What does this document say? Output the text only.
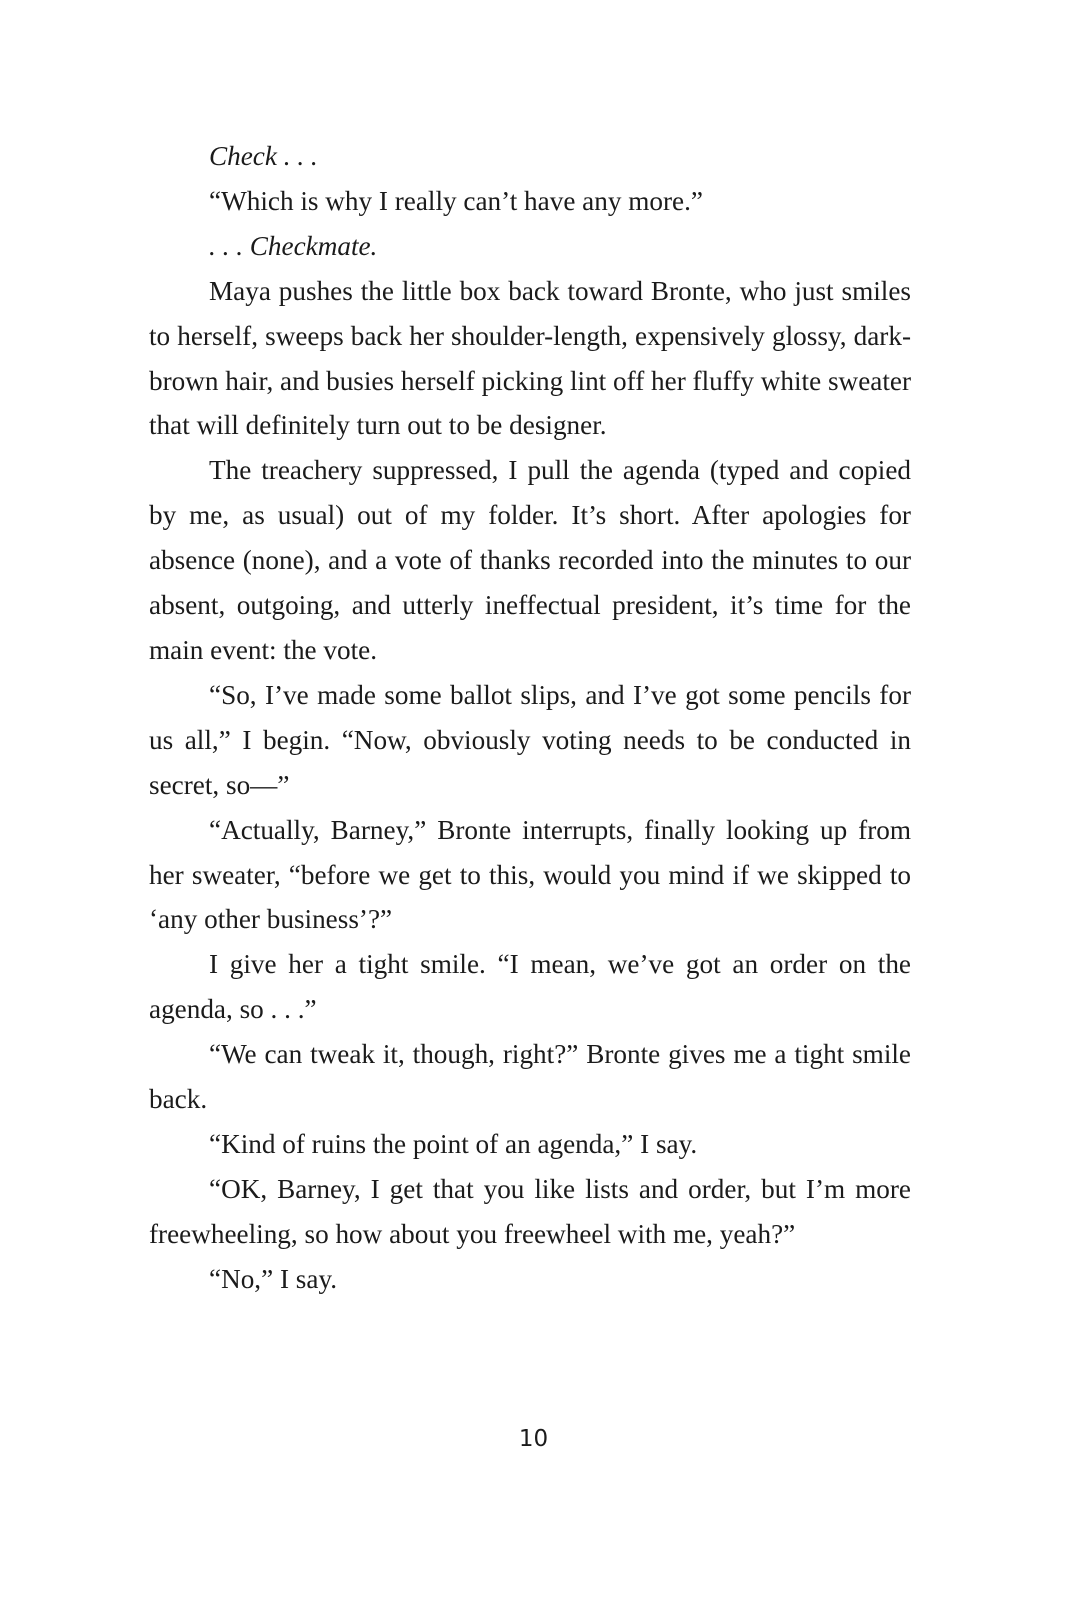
Check . . .

“Which is why I really can’t have any more.”

. . . Checkmate.

Maya pushes the little box back toward Bronte, who just smiles to herself, sweeps back her shoulder-length, expensively glossy, dark-brown hair, and busies herself picking lint off her fluffy white sweater that will definitely turn out to be designer.

The treachery suppressed, I pull the agenda (typed and copied by me, as usual) out of my folder. It’s short. After apologies for absence (none), and a vote of thanks recorded into the minutes to our absent, outgoing, and utterly ineffectual president, it’s time for the main event: the vote.

“So, I’ve made some ballot slips, and I’ve got some pencils for us all,” I begin. “Now, obviously voting needs to be conducted in secret, so—”

“Actually, Barney,” Bronte interrupts, finally looking up from her sweater, “before we get to this, would you mind if we skipped to ‘any other business’?”

I give her a tight smile. “I mean, we’ve got an order on the agenda, so . . .”

“We can tweak it, though, right?” Bronte gives me a tight smile back.

“Kind of ruins the point of an agenda,” I say.

“OK, Barney, I get that you like lists and order, but I’m more freewheeling, so how about you freewheel with me, yeah?”

“No,” I say.

10
